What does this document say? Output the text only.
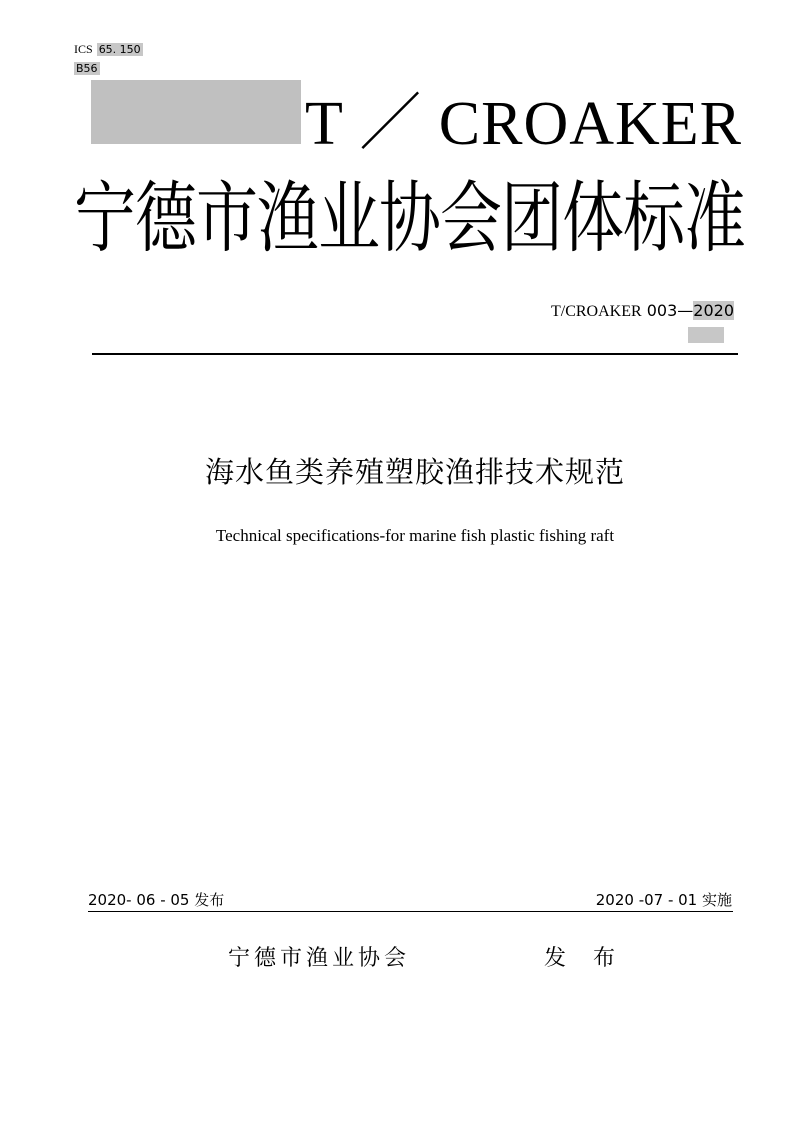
ICS 65. 150
B56
T ／ CROAKER
宁德市渔业协会团体标准
T/CROAKER 003—2020
海水鱼类养殖塑胶渔排技术规范
Technical specifications-for marine fish plastic fishing raft
2020- 06 - 05 发布	2020 -07 - 01 实施
宁德市渔业协会	发 布
